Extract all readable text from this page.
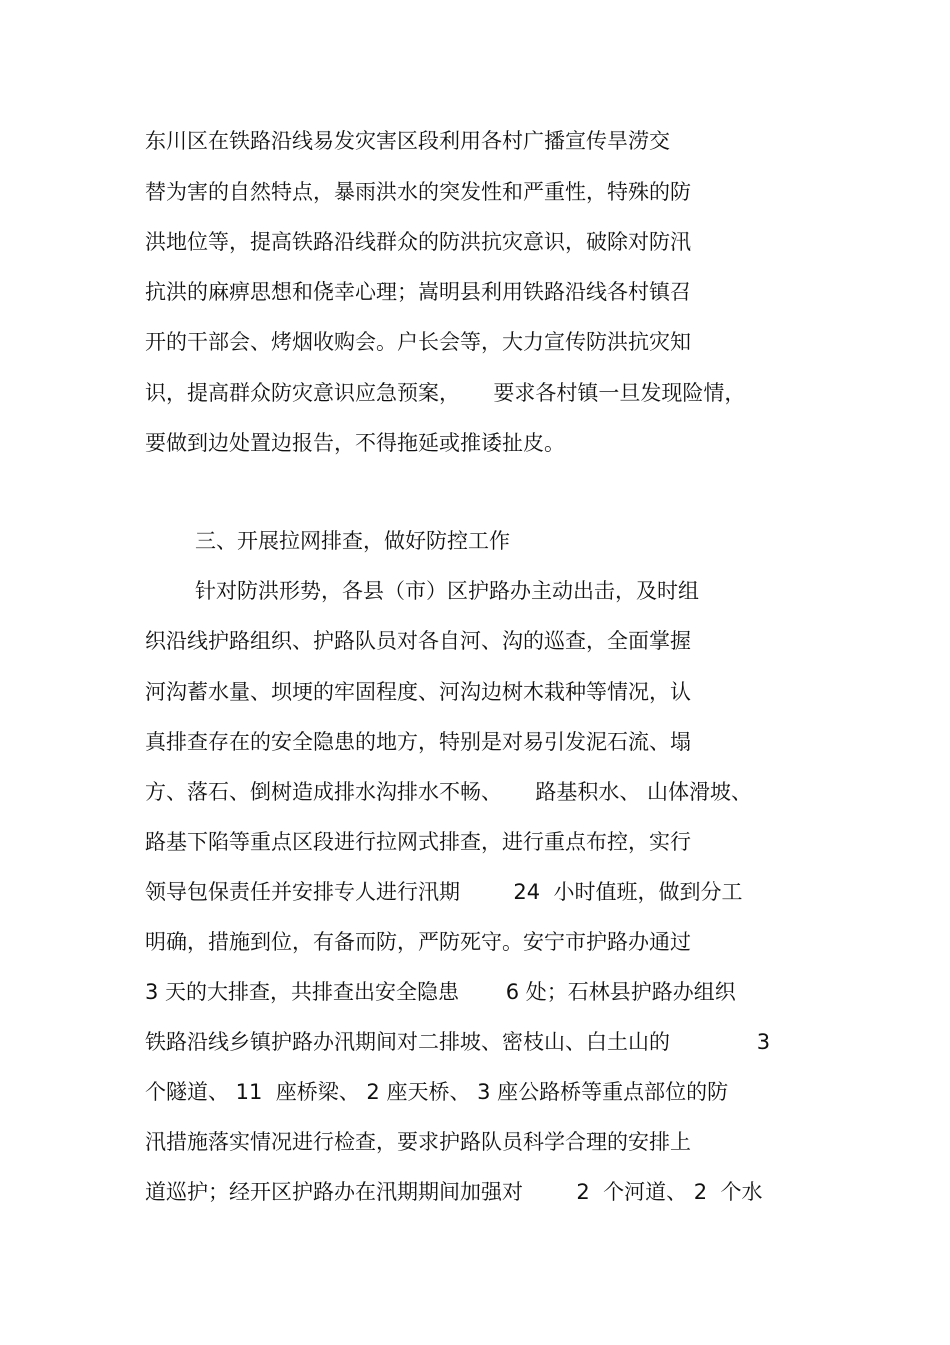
东川区在铁路沿线易发灾害区段利用各村广播宣传旱涝交
替为害的自然特点，暴雨洪水的突发性和严重性，特殊的防
洪地位等，提高铁路沿线群众的防洪抗灾意识，破除对防汛
抗洪的麻痹思想和侥幸心理；嵩明县利用铁路沿线各村镇召
开的干部会、烤烟收购会。户长会等，大力宣传防洪抗灾知
识，提高群众防灾意识应急预案，     要求各村镇一旦发现险情，
要做到边处置边报告，不得拖延或推诿扯皮。
三、开展拉网排查，做好防控工作
针对防洪形势，各县（市）区护路办主动出击，及时组
织沿线护路组织、护路队员对各自河、沟的巡查，全面掌握
河沟蓄水量、坝埂的牢固程度、河沟边树木栽种等情况，认
真排查存在的安全隐患的地方，特别是对易引发泥石流、塌
方、落石、倒树造成排水沟排水不畅、     路基积水、 山体滑坡、
路基下陷等重点区段进行拉网式排查，进行重点布控，实行
领导包保责任并安排专人进行汛期        24  小时值班，做到分工
明确，措施到位，有备而防，严防死守。安宁市护路办通过
3 天的大排查，共排查出安全隐患       6 处；石林县护路办组织
铁路沿线乡镇护路办汛期间对二排坡、密枝山、白土山的             3
个隧道、 11  座桥梁、 2 座天桥、 3 座公路桥等重点部位的防
汛措施落实情况进行检查，要求护路队员科学合理的安排上
道巡护；经开区护路办在汛期期间加强对        2  个河道、 2  个水
